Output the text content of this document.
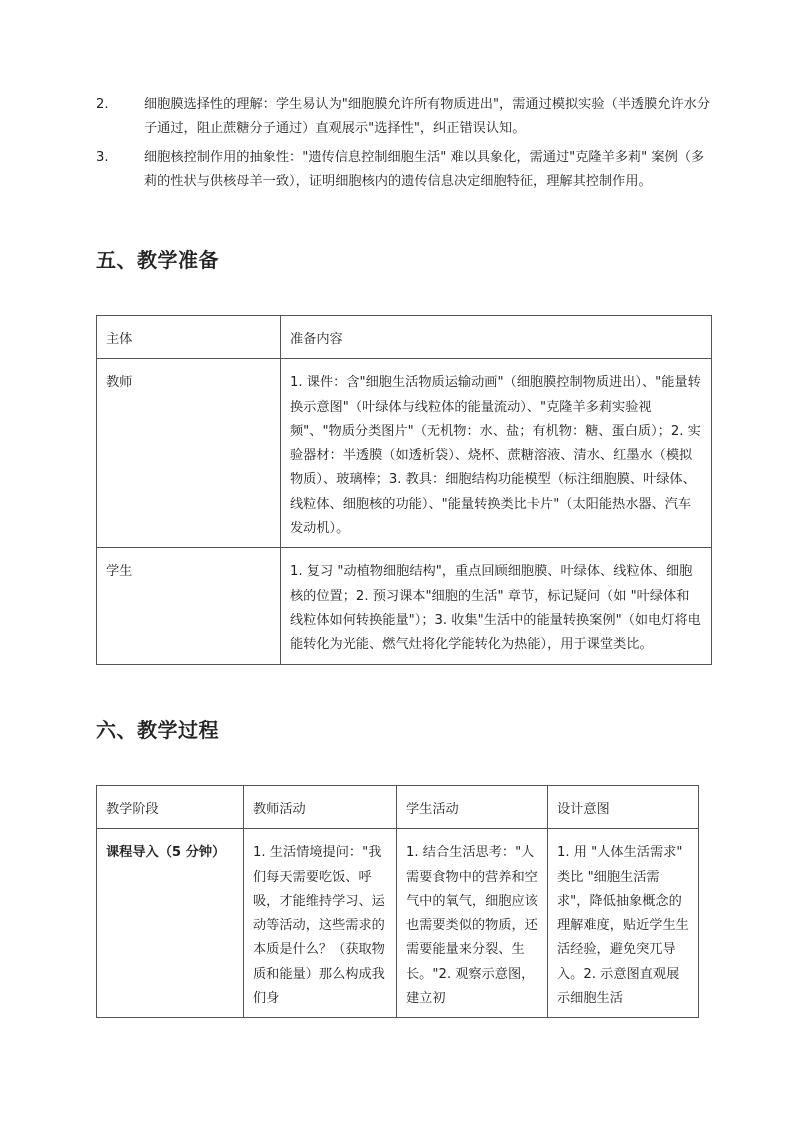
2.	细胞膜选择性的理解：学生易认为"细胞膜允许所有物质进出"，需通过模拟实验（半透膜允许水分子通过，阻止蔗糖分子通过）直观展示"选择性"，纠正错误认知。
3.	细胞核控制作用的抽象性："遗传信息控制细胞生活" 难以具象化，需通过"克隆羊多莉" 案例（多莉的性状与供核母羊一致），证明细胞核内的遗传信息决定细胞特征，理解其控制作用。
五、教学准备
主体	准备内容
教师	1. 课件：含"细胞生活物质运输动画"（细胞膜控制物质进出）、"能量转换示意图"（叶绿体与线粒体的能量流动）、"克隆羊多莉实验视频"、"物质分类图片"（无机物：水、盐；有机物：糖、蛋白质）；2. 实验器材：半透膜（如透析袋）、烧杯、蔗糖溶液、清水、红墨水（模拟物质）、玻璃棒；3. 教具：细胞结构功能模型（标注细胞膜、叶绿体、线粒体、细胞核的功能）、"能量转换类比卡片"（太阳能热水器、汽车发动机）。
学生	1. 复习 "动植物细胞结构"，重点回顾细胞膜、叶绿体、线粒体、细胞核的位置；2. 预习课本"细胞的生活" 章节，标记疑问（如 "叶绿体和线粒体如何转换能量"）；3. 收集"生活中的能量转换案例"（如电灯将电能转化为光能、燃气灶将化学能转化为热能），用于课堂类比。
六、教学过程
教学阶段	教师活动	学生活动	设计意图
课程导入（5 分钟）	1. 生活情境提问："我们每天需要吃饭、呼吸，才能维持学习、运动等活动，这些需求的本质是什么？（获取物质和能量）那么构成我们身	1. 结合生活思考："人需要食物中的营养和空气中的氧气，细胞应该也需要类似的物质，还需要能量来分裂、生长。"2. 观察示意图，建立初	1. 用 "人体生活需求" 类比 "细胞生活需求"，降低抽象概念的理解难度，贴近学生生活经验，避免突兀导入。2. 示意图直观展示细胞生活
